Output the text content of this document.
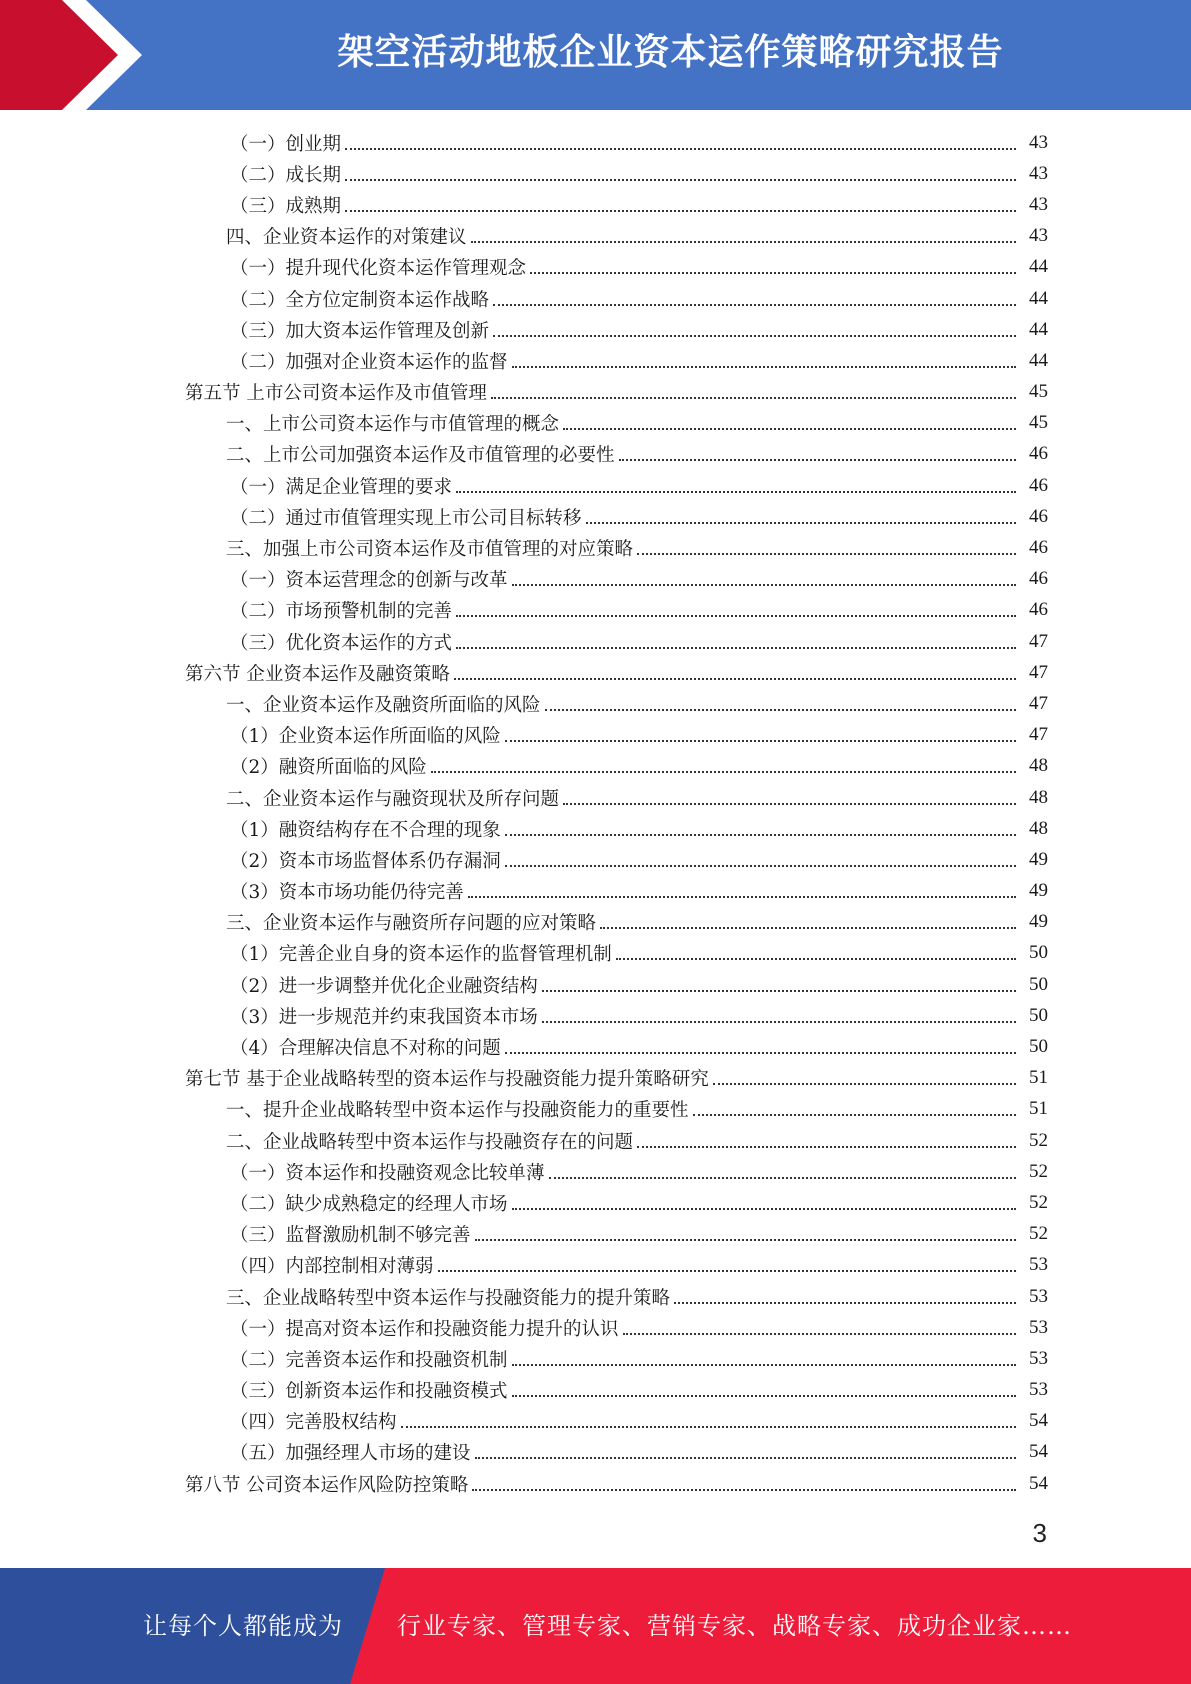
架空活动地板企业资本运作策略研究报告
（一）创业期	43
（二）成长期	43
（三）成熟期	43
四、企业资本运作的对策建议	43
（一）提升现代化资本运作管理观念	44
（二）全方位定制资本运作战略	44
（三）加大资本运作管理及创新	44
（二）加强对企业资本运作的监督	44
第五节 上市公司资本运作及市值管理	45
一、上市公司资本运作与市值管理的概念	45
二、上市公司加强资本运作及市值管理的必要性	46
（一）满足企业管理的要求	46
（二）通过市值管理实现上市公司目标转移	46
三、加强上市公司资本运作及市值管理的对应策略	46
（一）资本运营理念的创新与改革	46
（二）市场预警机制的完善	46
（三）优化资本运作的方式	47
第六节 企业资本运作及融资策略	47
一、企业资本运作及融资所面临的风险	47
（1）企业资本运作所面临的风险	47
（2）融资所面临的风险	48
二、企业资本运作与融资现状及所存问题	48
（1）融资结构存在不合理的现象	48
（2）资本市场监督体系仍存漏洞	49
（3）资本市场功能仍待完善	49
三、企业资本运作与融资所存问题的应对策略	49
（1）完善企业自身的资本运作的监督管理机制	50
（2）进一步调整并优化企业融资结构	50
（3）进一步规范并约束我国资本市场	50
（4）合理解决信息不对称的问题	50
第七节 基于企业战略转型的资本运作与投融资能力提升策略研究	51
一、提升企业战略转型中资本运作与投融资能力的重要性	51
二、企业战略转型中资本运作与投融资存在的问题	52
（一）资本运作和投融资观念比较单薄	52
（二）缺少成熟稳定的经理人市场	52
（三）监督激励机制不够完善	52
（四）内部控制相对薄弱	53
三、企业战略转型中资本运作与投融资能力的提升策略	53
（一）提高对资本运作和投融资能力提升的认识	53
（二）完善资本运作和投融资机制	53
（三）创新资本运作和投融资模式	53
（四）完善股权结构	54
（五）加强经理人市场的建设	54
第八节 公司资本运作风险防控策略	54
3
让每个人都能成为 行业专家、管理专家、营销专家、战略专家、成功企业家……
